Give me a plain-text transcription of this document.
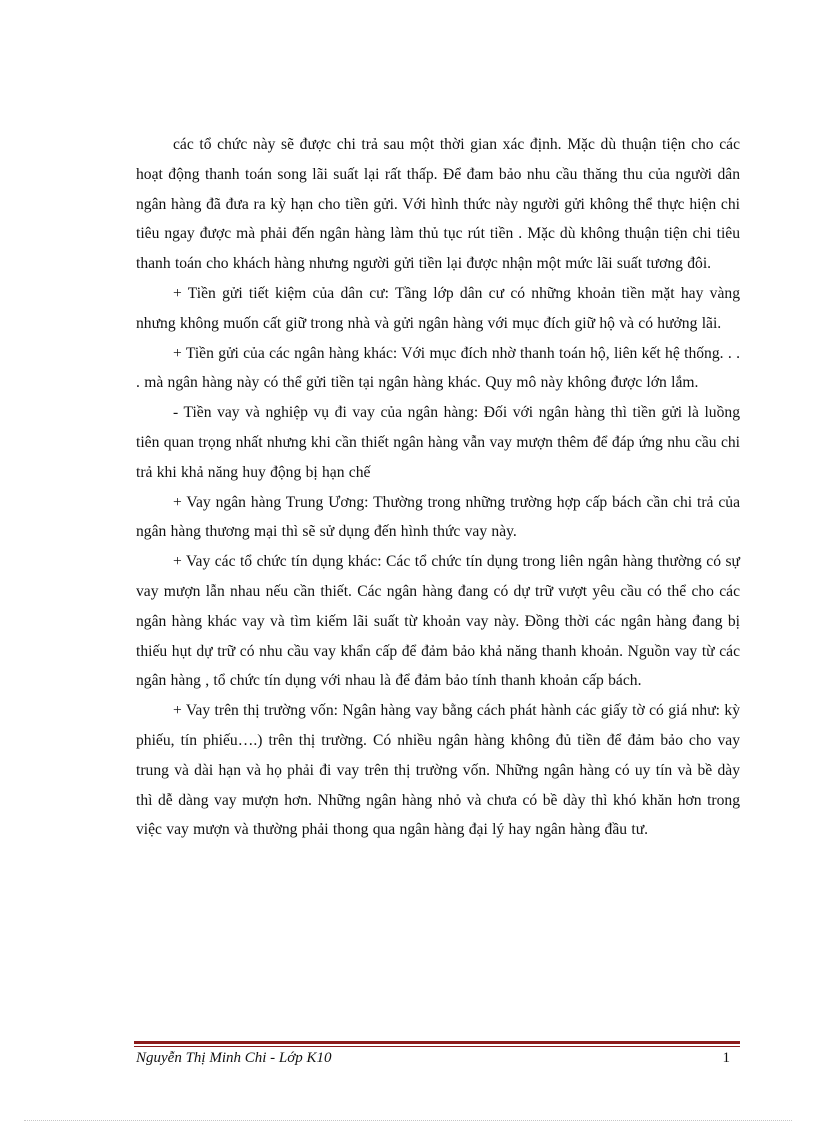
các tổ chức này sẽ được chi trả sau một thời gian xác định. Mặc dù thuận tiện cho các hoạt động thanh toán song lãi suất lại rất thấp. Để đam bảo nhu cầu thăng thu của người dân ngân hàng đã đưa ra kỳ hạn cho tiền gửi. Với hình thức này người gửi không thể thực hiện chi tiêu ngay được mà phải đến ngân hàng làm thủ tục rút tiền . Mặc dù không thuận tiện chi tiêu thanh toán cho khách hàng nhưng người gửi tiền lại được nhận một mức lãi suất tương đôi.

+ Tiền gửi tiết kiệm của dân cư: Tầng lớp dân cư có những khoản tiền mặt hay vàng nhưng không muốn cất giữ trong nhà và gửi ngân hàng với mục đích giữ hộ và có hưởng lãi.

+ Tiền gửi của các ngân hàng khác: Với mục đích nhờ thanh toán hộ, liên kết hệ thống. . . . mà ngân hàng này có thể gửi tiền tại ngân hàng khác. Quy mô này không được lớn lắm.

- Tiền vay và nghiệp vụ đi vay của ngân hàng: Đối với ngân hàng thì tiền gửi là luồng tiên quan trọng nhất nhưng khi cần thiết ngân hàng vẫn vay mượn thêm để đáp ứng nhu cầu chi trả khi khả năng huy động bị hạn chế

+ Vay ngân hàng Trung Ương: Thường trong những trường hợp cấp bách cần chi trả của ngân hàng thương mại thì sẽ sử dụng đến hình thức vay này.

+ Vay các tổ chức tín dụng khác: Các tổ chức tín dụng trong liên ngân hàng thường có sự vay mượn lẫn nhau nếu cần thiết. Các ngân hàng đang có dự trữ vượt yêu cầu có thể cho các ngân hàng khác vay và tìm kiếm lãi suất từ khoản vay này. Đồng thời các ngân hàng đang bị thiếu hụt dự trữ có nhu cầu vay khẩn cấp để đảm bảo khả năng thanh khoản. Nguồn vay từ các ngân hàng , tổ chức tín dụng với nhau là để đảm bảo tính thanh khoản cấp bách.

+ Vay trên thị trường vốn: Ngân hàng vay bằng cách phát hành các giấy tờ có giá như: kỳ phiếu, tín phiếu….) trên thị trường. Có nhiều ngân hàng không đủ tiền để đảm bảo cho vay trung và dài hạn và họ phải đi vay trên thị trường vốn. Những ngân hàng có uy tín và bề dày thì dễ dàng vay mượn hơn. Những ngân hàng nhỏ và chưa có bề dày thì khó khăn hơn trong việc vay mượn và thường phải thong qua ngân hàng đại lý hay ngân hàng đầu tư.

Nguyễn Thị Minh Chi - Lớp K10	1
